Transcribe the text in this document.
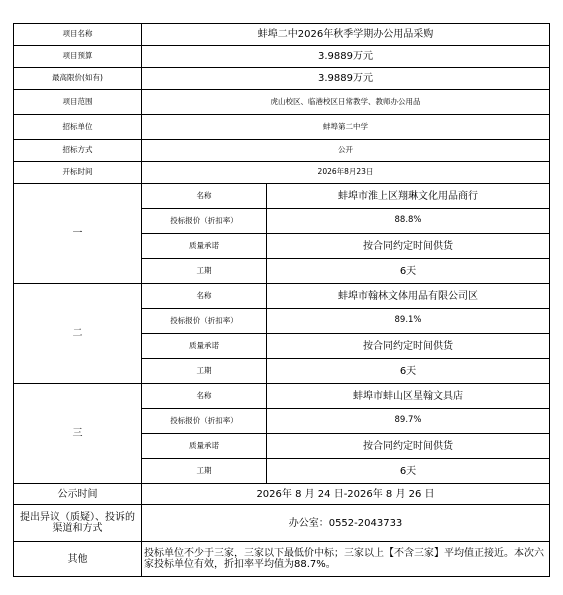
项目名称	蚌埠二中2026年秋季学期办公用品采购	
项目预算	3.9889万元	
最高限价(如有)	3.9889万元	
项目范围	虎山校区、临港校区日常教学、教师办公用品	
招标单位	蚌埠第二中学	
招标方式	公开	
开标时间	2026年8月23日	
一	名称	蚌埠市淮上区翔琳文化用品商行
	投标报价（折扣率）	88.8%
	质量承诺	按合同约定时间供货
	工期	6天
二	名称	蚌埠市翰林文体用品有限公司区
	投标报价（折扣率）	89.1%
	质量承诺	按合同约定时间供货
	工期	6天
三	名称	蚌埠市蚌山区星翰文具店
	投标报价（折扣率）	89.7%
	质量承诺	按合同约定时间供货
	工期	6天
公示时间	2026年 8 月 24 日-2026年 8 月 26 日	
提出异议（质疑）、投诉的渠道和方式	办公室：0552-2043733	
其他	投标单位不少于三家，三家以下最低价中标；三家以上【不含三家】平均值正接近。本次六家投标单位有效，折扣率平均值为88.7%。	
